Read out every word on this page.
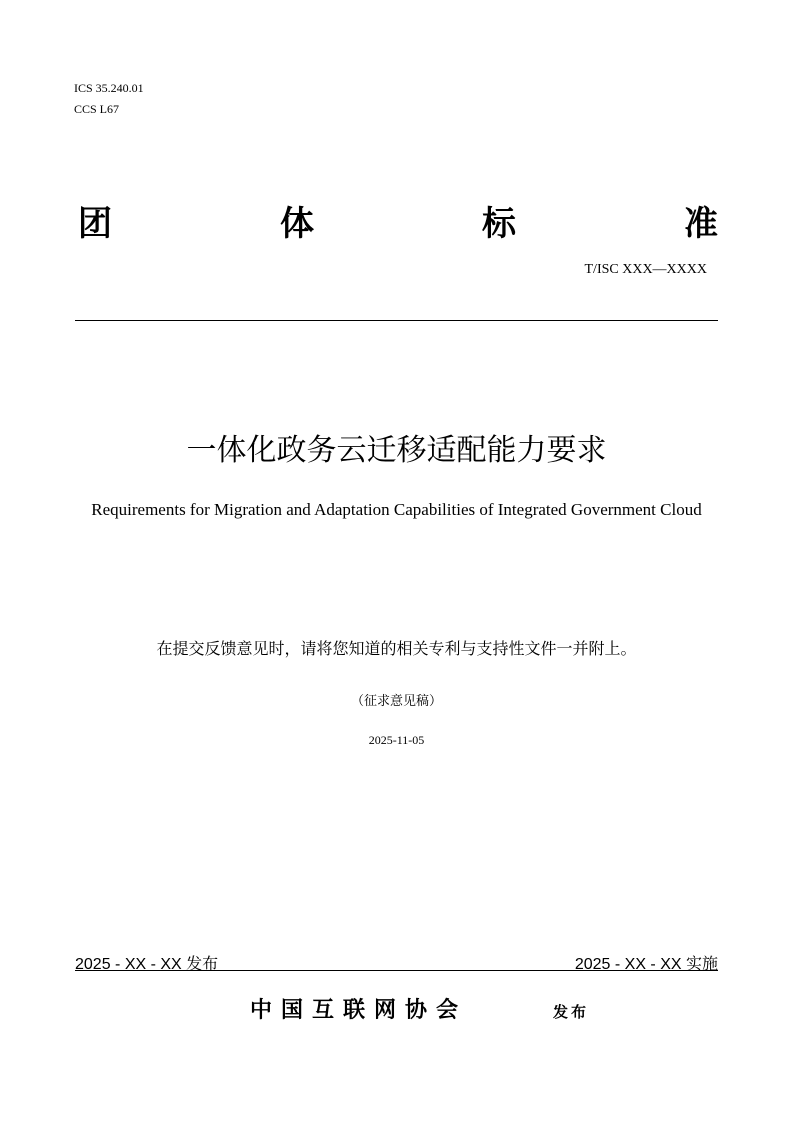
ICS 35.240.01
CCS L67
团	体	标	准
T/ISC XXX—XXXX
一体化政务云迁移适配能力要求
Requirements for Migration and Adaptation Capabilities of Integrated Government Cloud
在提交反馈意见时，请将您知道的相关专利与支持性文件一并附上。
（征求意见稿）
2025-11-05
2025 - XX - XX 发布	2025 - XX - XX 实施
中国互联网协会	发布
